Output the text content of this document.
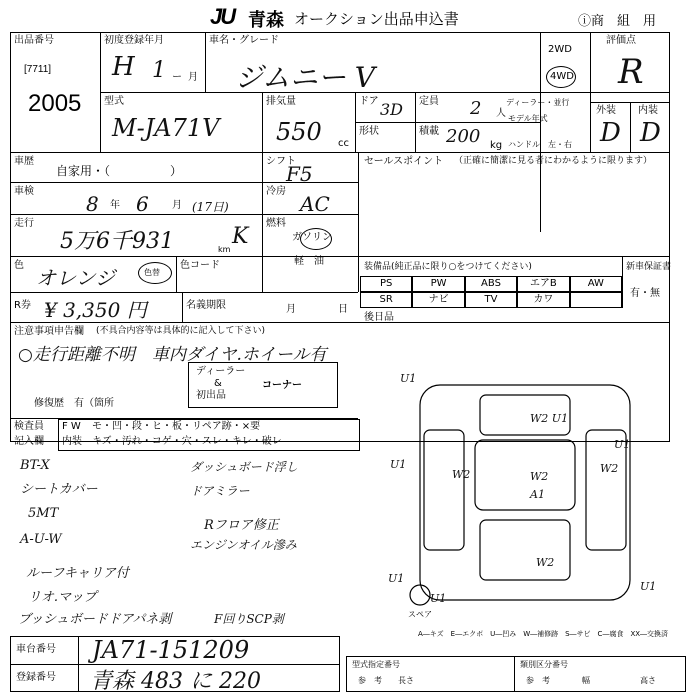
JU 青森 オークション出品申込書	ⓘ商　組　用
出品番号
[7711]
2005
初度登録年月
H 1 ー 月
車名・グレード
ジムニー V
2WD
4WD
評価点
R
外装 内装
D D
型式
M-JA71V
排気量
550 cc
ドア 3D 定員 2 人
ディーラー・並行
形状	積載 200 kg
モデル年式
ハンドル 左・右
車歴
自家用・（　　　　　）
シフト
F5
車検
8 年 6 月 (17日)
冷房
AC
走行
5万6千931	K
km
燃料
ガソリン
軽　油
色
オレンジ	色替
色コード
R券 ¥ 3,350 円	名義期限	月	日
セールスポイント （正確に簡潔に見る者にわかるように限ります）
装備品(純正品に限り○をつけてください)	新車保証書
有・無
PS	PW	ABS	エアB	AW
SR	ナビ	TV	カワ
後日品
注意事項申告欄 (不具合内容等は具体的に記入して下さい)
○走行距離不明　車内ダイヤ.ホイール有
ディーラー
&
初出品
コーナー
修復歴　有（箇所
検査員 F W モ・凹・段・ヒ・板・リペア跡・×要
記入欄 内装 キズ・汚れ・コゲ・穴・スレ・キレ・破レ
BT-X
シートカバー
5MT
A-U-W
ルーフキャリア付
リオ.マップ
ブッシュボードドアパネ剥
ダッシュボード浮し
ドアミラー
Rフロア修正
エンジンオイル滲み
F回りSCP剥
U1
W2 U1
U1
W2	W2
W2
A1
U1
W2
U1
U1
U1
スペア
A―キズ　E―エクボ　U―凹み　W―補修跡　S―サビ　C―腐食　XX―交換済
車台番号 JA71-151209
登録番号 青森 483 に 220
型式指定番号
参　考 長さ
類別区分番号
参　考	幅	高さ
